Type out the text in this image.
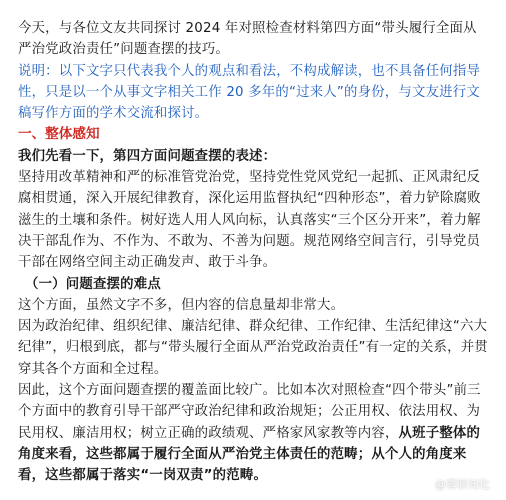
今天，与各位文友共同探讨 2024 年对照检查材料第四方面“带头履行全面从严治党政治责任”问题查摆的技巧。

说明：以下文字只代表我个人的观点和看法，不构成解读，也不具备任何指导性，只是以一个从事文字相关工作 20 多年的“过来人”的身份，与文友进行文稿写作方面的学术交流和探讨。

一、整体感知

我们先看一下，第四方面问题查摆的表述：

坚持用改革精神和严的标准管党治党，坚持党性党风党纪一起抓、正风肃纪反腐相贯通，深入开展纪律教育，深化运用监督执纪“四种形态”，着力铲除腐败滋生的土壤和条件。树好选人用人风向标，认真落实“三个区分开来”，着力解决干部乱作为、不作为、不敢为、不善为问题。规范网络空间言行，引导党员干部在网络空间主动正确发声、敢于斗争。

（一）问题查摆的难点

这个方面，虽然文字不多，但内容的信息量却非常大。

因为政治纪律、组织纪律、廉洁纪律、群众纪律、工作纪律、生活纪律这“六大纪律”，归根到底，都与“带头履行全面从严治党政治责任”有一定的关系，并贯穿其各个方面和全过程。

因此，这个方面问题查摆的覆盖面比较广。比如本次对照检查“四个带头”前三个方面中的教育引导干部严守政治纪律和政治规矩；公正用权、依法用权、为民用权、廉洁用权；树立正确的政绩观、严格家风家教等内容，从班子整体的角度来看，这些都属于履行全面从严治党主体责任的范畴；从个人的角度来看，这些都属于落实“一岗双责”的范畴。

@蓉驿知化
